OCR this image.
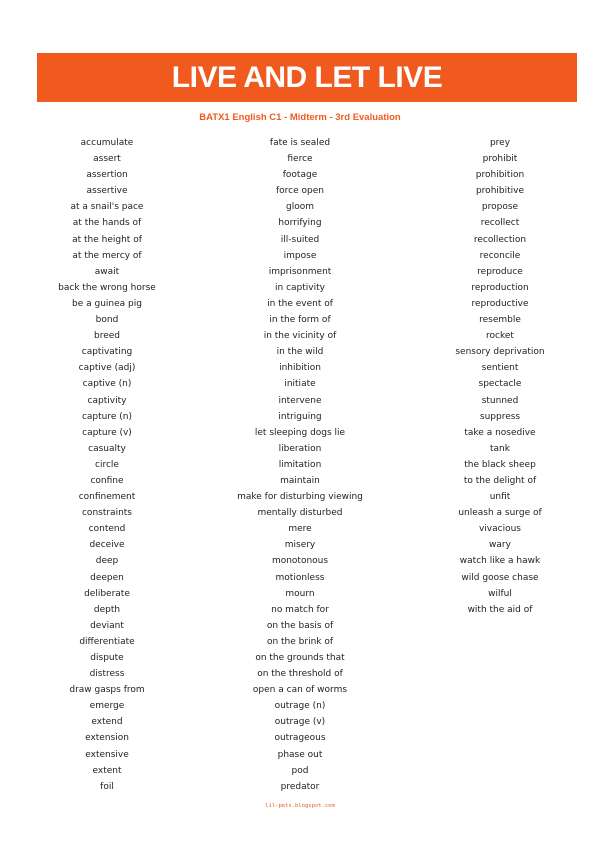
LIVE AND LET LIVE
BATX1 English C1 - Midterm - 3rd Evaluation
accumulate
assert
assertion
assertive
at a snail's pace
at the hands of
at the height of
at the mercy of
await
back the wrong horse
be a guinea pig
bond
breed
captivating
captive (adj)
captive (n)
captivity
capture (n)
capture (v)
casualty
circle
confine
confinement
constraints
contend
deceive
deep
deepen
deliberate
depth
deviant
differentiate
dispute
distress
draw gasps from
emerge
extend
extension
extensive
extent
foil
fate is sealed
fierce
footage
force open
gloom
horrifying
ill-suited
impose
imprisonment
in captivity
in the event of
in the form of
in the vicinity of
in the wild
inhibition
initiate
intervene
intriguing
let sleeping dogs lie
liberation
limitation
maintain
make for disturbing viewing
mentally disturbed
mere
misery
monotonous
motionless
mourn
no match for
on the basis of
on the brink of
on the grounds that
on the threshold of
open a can of worms
outrage (n)
outrage (v)
outrageous
phase out
pod
predator
prey
prohibit
prohibition
prohibitive
propose
recollect
recollection
reconcile
reproduce
reproduction
reproductive
resemble
rocket
sensory deprivation
sentient
spectacle
stunned
suppress
take a nosedive
tank
the black sheep
to the delight of
unfit
unleash a surge of
vivacious
wary
watch like a hawk
wild goose chase
wilful
with the aid of
lil-pets.blogspot.com
